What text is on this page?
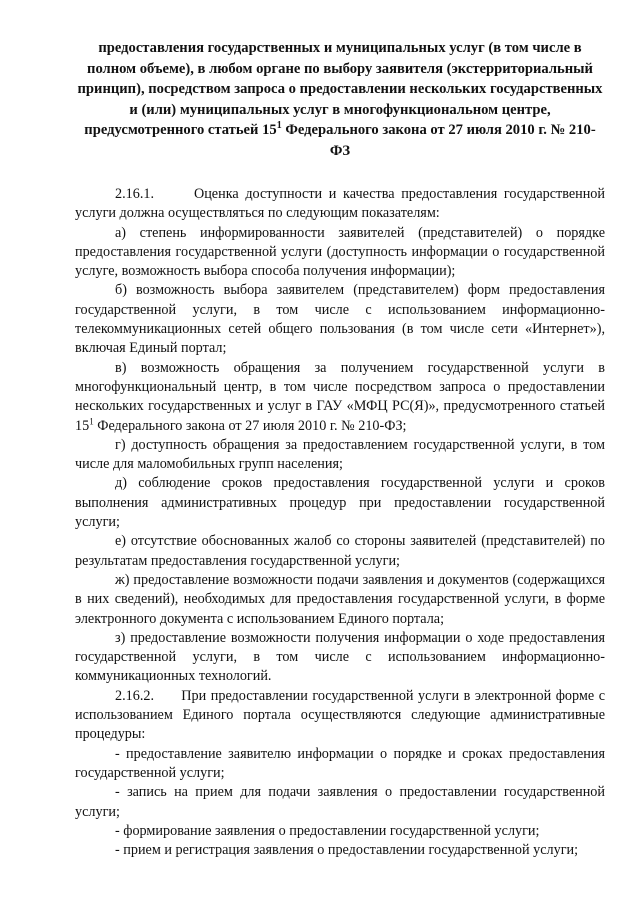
предоставления государственных и муниципальных услуг (в том числе в полном объеме), в любом органе по выбору заявителя (экстерриториальный принцип), посредством запроса о предоставлении нескольких государственных и (или) муниципальных услуг в многофункциональном центре, предусмотренного статьей $15^1$ Федерального закона от 27 июля 2010 г. № 210-ФЗ

2.16.1.      Оценка доступности и качества предоставления государственной услуги должна осуществляться по следующим показателям:

а) степень информированности заявителей (представителей) о порядке предоставления государственной услуги (доступность информации о государственной услуге, возможность выбора способа получения информации);

б) возможность выбора заявителем (представителем) форм предоставления государственной услуги, в том числе с использованием информационно-телекоммуникационных сетей общего пользования (в том числе сети «Интернет»), включая Единый портал;

в) возможность обращения за получением государственной услуги в многофункциональный центр, в том числе посредством запроса о предоставлении нескольких государственных и услуг в ГАУ «МФЦ РС(Я)», предусмотренного статьей $15^1$ Федерального закона от 27 июля 2010 г. № 210-ФЗ;

г) доступность обращения за предоставлением государственной услуги, в том числе для маломобильных групп населения;

д) соблюдение сроков предоставления государственной услуги и сроков выполнения административных процедур при предоставлении государственной услуги;

е) отсутствие обоснованных жалоб со стороны заявителей (представителей) по результатам предоставления государственной услуги;

ж) предоставление возможности подачи заявления и документов (содержащихся в них сведений), необходимых для предоставления государственной услуги, в форме электронного документа с использованием Единого портала;

з) предоставление возможности получения информации о ходе предоставления государственной услуги, в том числе с использованием информационно-коммуникационных технологий.

2.16.2.      При предоставлении государственной услуги в электронной форме с использованием Единого портала осуществляются следующие административные процедуры:

- предоставление заявителю информации о порядке и сроках предоставления государственной услуги;

- запись на прием для подачи заявления о предоставлении государственной услуги;

- формирование заявления о предоставлении государственной услуги;

- прием и регистрация заявления о предоставлении государственной услуги;
